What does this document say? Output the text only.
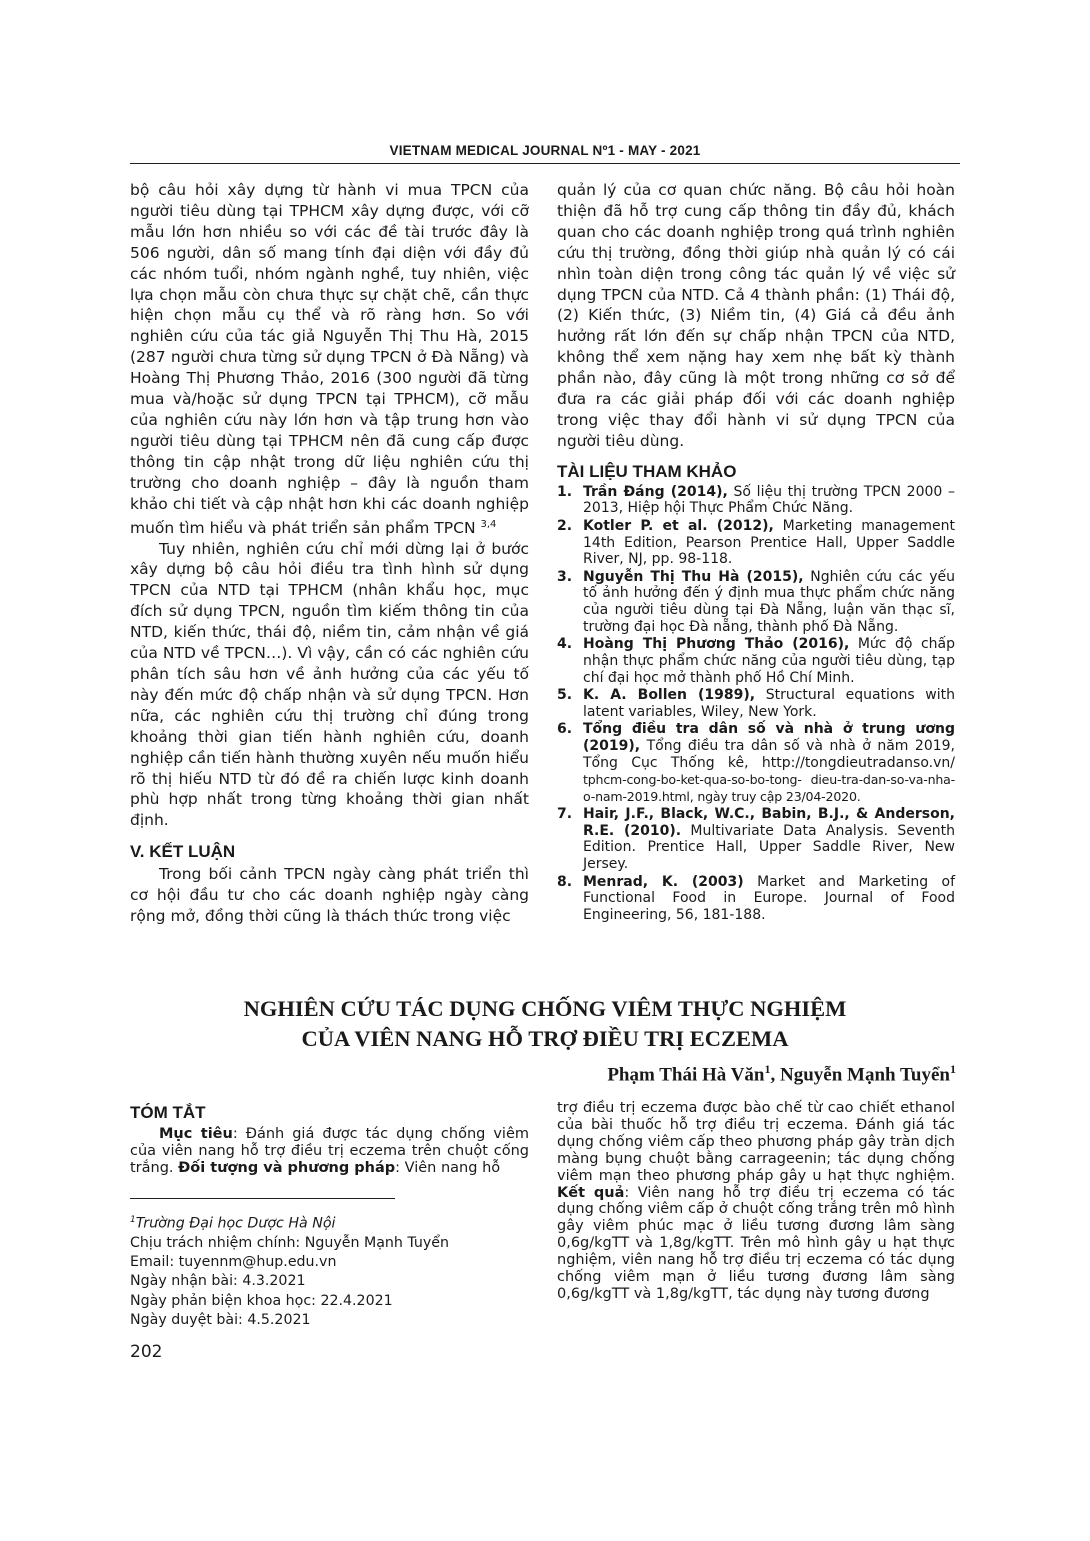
VIETNAM MEDICAL JOURNAL Nº1 - MAY - 2021

bộ câu hỏi xây dựng từ hành vi mua TPCN của người tiêu dùng tại TPHCM xây dựng được, với cỡ mẫu lớn hơn nhiều so với các đề tài trước đây là 506 người, dân số mang tính đại diện với đầy đủ các nhóm tuổi, nhóm ngành nghề, tuy nhiên, việc lựa chọn mẫu còn chưa thực sự chặt chẽ, cần thực hiện chọn mẫu cụ thể và rõ ràng hơn. So với nghiên cứu của tác giả Nguyễn Thị Thu Hà, 2015 (287 người chưa từng sử dụng TPCN ở Đà Nẵng) và Hoàng Thị Phương Thảo, 2016 (300 người đã từng mua và/hoặc sử dụng TPCN tại TPHCM), cỡ mẫu của nghiên cứu này lớn hơn và tập trung hơn vào người tiêu dùng tại TPHCM nên đã cung cấp được thông tin cập nhật trong dữ liệu nghiên cứu thị trường cho doanh nghiệp – đây là nguồn tham khảo chi tiết và cập nhật hơn khi các doanh nghiệp muốn tìm hiểu và phát triển sản phẩm TPCN $^{3,4}$

Tuy nhiên, nghiên cứu chỉ mới dừng lại ở bước xây dựng bộ câu hỏi điều tra tình hình sử dụng TPCN của NTD tại TPHCM (nhân khẩu học, mục đích sử dụng TPCN, nguồn tìm kiếm thông tin của NTD, kiến thức, thái độ, niềm tin, cảm nhận về giá của NTD về TPCN…). Vì vậy, cần có các nghiên cứu phân tích sâu hơn về ảnh hưởng của các yếu tố này đến mức độ chấp nhận và sử dụng TPCN. Hơn nữa, các nghiên cứu thị trường chỉ đúng trong khoảng thời gian tiến hành nghiên cứu, doanh nghiệp cần tiến hành thường xuyên nếu muốn hiểu rõ thị hiếu NTD từ đó đề ra chiến lược kinh doanh phù hợp nhất trong từng khoảng thời gian nhất định.

V. KẾT LUẬN

Trong bối cảnh TPCN ngày càng phát triển thì cơ hội đầu tư cho các doanh nghiệp ngày càng rộng mở, đồng thời cũng là thách thức trong việc

quản lý của cơ quan chức năng. Bộ câu hỏi hoàn thiện đã hỗ trợ cung cấp thông tin đầy đủ, khách quan cho các doanh nghiệp trong quá trình nghiên cứu thị trường, đồng thời giúp nhà quản lý có cái nhìn toàn diện trong công tác quản lý về việc sử dụng TPCN của NTD. Cả 4 thành phần: (1) Thái độ, (2) Kiến thức, (3) Niềm tin, (4) Giá cả đều ảnh hưởng rất lớn đến sự chấp nhận TPCN của NTD, không thể xem nặng hay xem nhẹ bất kỳ thành phần nào, đây cũng là một trong những cơ sở để đưa ra các giải pháp đối với các doanh nghiệp trong việc thay đổi hành vi sử dụng TPCN của người tiêu dùng.

TÀI LIỆU THAM KHẢO
1. Trần Đáng (2014), Số liệu thị trường TPCN 2000 – 2013, Hiệp hội Thực Phẩm Chức Năng.
2. Kotler P. et al. (2012), Marketing management 14th Edition, Pearson Prentice Hall, Upper Saddle River, NJ, pp. 98-118.
3. Nguyễn Thị Thu Hà (2015), Nghiên cứu các yếu tố ảnh hưởng đến ý định mua thực phẩm chức năng của người tiêu dùng tại Đà Nẵng, luận văn thạc sĩ, trường đại học Đà nẵng, thành phố Đà Nẵng.
4. Hoàng Thị Phương Thảo (2016), Mức độ chấp nhận thực phẩm chức năng của người tiêu dùng, tạp chí đại học mở thành phố Hồ Chí Minh.
5. K. A. Bollen (1989), Structural equations with latent variables, Wiley, New York.
6. Tổng điều tra dân số và nhà ở trung ương (2019), Tổng điều tra dân số và nhà ở năm 2019, Tổng Cục Thống kê, http://tongdieutradanso.vn/ tphcm-cong-bo-ket-qua-so-bo-tong- dieu-tra-dan-so-va-nha-o-nam-2019.html, ngày truy cập 23/04-2020.
7. Hair, J.F., Black, W.C., Babin, B.J., & Anderson, R.E. (2010). Multivariate Data Analysis. Seventh Edition. Prentice Hall, Upper Saddle River, New Jersey.
8. Menrad, K. (2003) Market and Marketing of Functional Food in Europe. Journal of Food Engineering, 56, 181-188.
NGHIÊN CỨU TÁC DỤNG CHỐNG VIÊM THỰC NGHIỆM
CỦA VIÊN NANG HỖ TRỢ ĐIỀU TRỊ ECZEMA
Phạm Thái Hà Văn$^1$, Nguyễn Mạnh Tuyển$^1$
TÓM TẮT

Mục tiêu: Đánh giá được tác dụng chống viêm của viên nang hỗ trợ điều trị eczema trên chuột cống trắng. Đối tượng và phương pháp: Viên nang hỗ

trợ điều trị eczema được bào chế từ cao chiết ethanol của bài thuốc hỗ trợ điều trị eczema. Đánh giá tác dụng chống viêm cấp theo phương pháp gây tràn dịch màng bụng chuột bằng carrageenin; tác dụng chống viêm mạn theo phương pháp gây u hạt thực nghiệm. Kết quả: Viên nang hỗ trợ điều trị eczema có tác dụng chống viêm cấp ở chuột cống trắng trên mô hình gây viêm phúc mạc ở liều tương đương lâm sàng 0,6g/kgTT và 1,8g/kgTT. Trên mô hình gây u hạt thực nghiệm, viên nang hỗ trợ điều trị eczema có tác dụng chống viêm mạn ở liều tương đương lâm sàng 0,6g/kgTT và 1,8g/kgTT, tác dụng này tương đương

$^1$Trường Đại học Dược Hà Nội
Chịu trách nhiệm chính: Nguyễn Mạnh Tuyển
Email: tuyennm@hup.edu.vn
Ngày nhận bài: 4.3.2021
Ngày phản biện khoa học: 22.4.2021
Ngày duyệt bài: 4.5.2021
202
